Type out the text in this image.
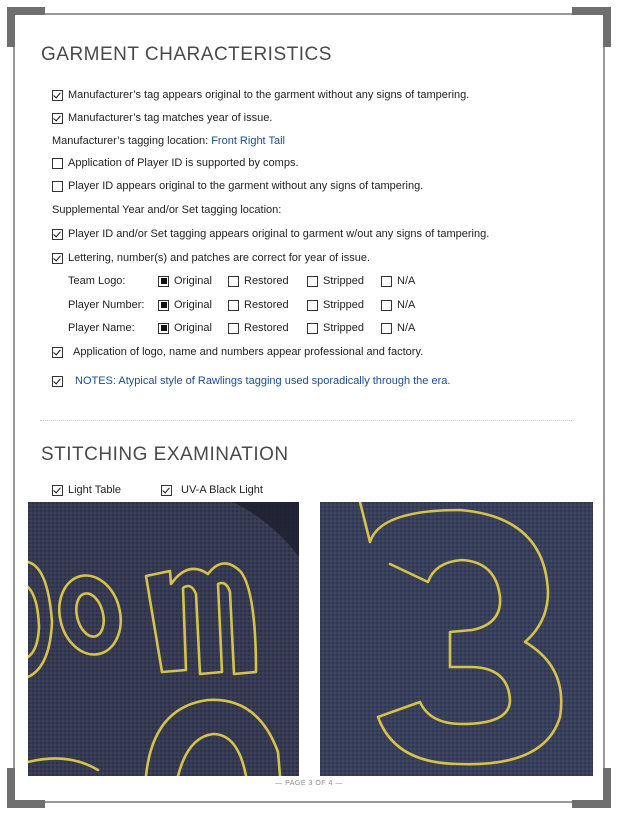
GARMENT CHARACTERISTICS
Manufacturer’s tag appears original to the garment without any signs of tampering.
Manufacturer’s tag matches year of issue.
Manufacturer’s tagging location:
Front Right Tail
Application of Player ID is supported by comps.
Player ID appears original to the garment without any signs of tampering.
Supplemental Year and/or Set tagging location:
Player ID and/or Set tagging appears original to garment w/out any signs of tampering.
Lettering, number(s) and patches are correct for year of issue.
Team Logo:	Original	Restored	Stripped	N/A
Player Number:	Original	Restored	Stripped	N/A
Player Name:	Original	Restored	Stripped	N/A
Application of logo, name and numbers appear professional and factory.
NOTES: Atypical style of Rawlings tagging used sporadically through the era.
STITCHING EXAMINATION
Light Table	UV-A Black Light
— PAGE 3 OF 4 —
